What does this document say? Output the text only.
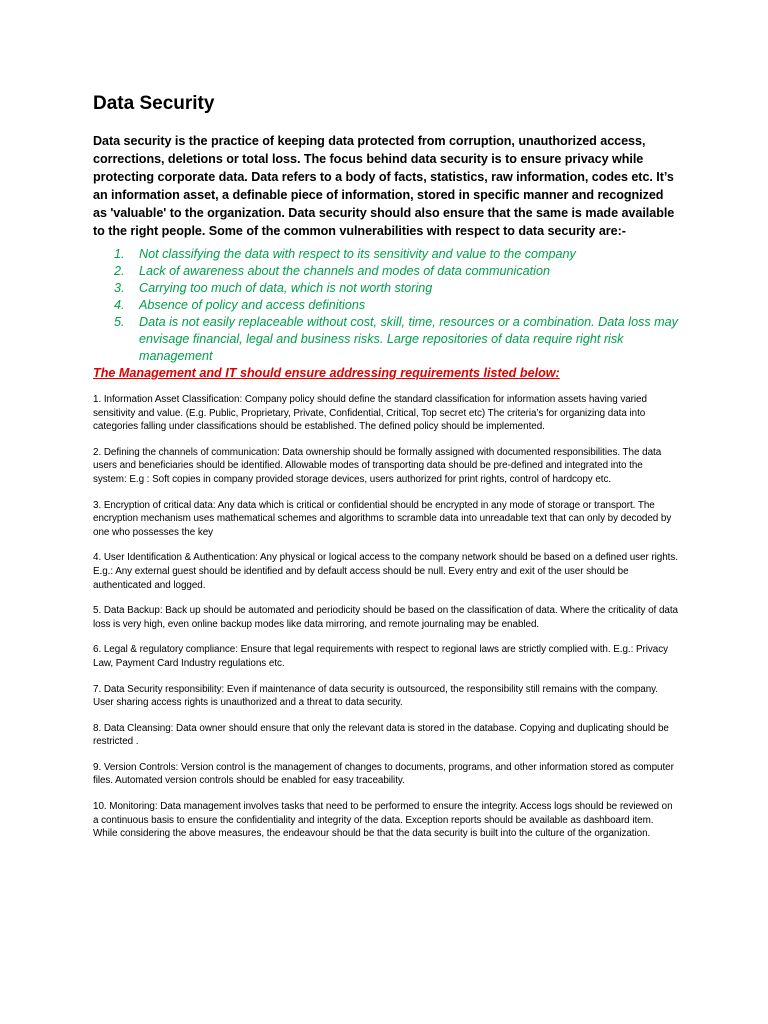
Data Security

Data security is the practice of keeping data protected from corruption, unauthorized access, corrections, deletions or total loss. The focus behind data security is to ensure privacy while protecting corporate data. Data refers to a body of facts, statistics, raw information, codes etc. It’s an information asset, a definable piece of information, stored in specific manner and recognized as 'valuable' to the organization. Data security should also ensure that the same is made available to the right people. Some of the common vulnerabilities with respect to data security are:-

1.	Not classifying the data with respect to its sensitivity and value to the company
2.	Lack of awareness about the channels and modes of data communication
3.	Carrying too much of data, which is not worth storing
4.	Absence of policy and access definitions
5.	Data is not easily replaceable without cost, skill, time, resources or a combination. Data loss may envisage financial, legal and business risks. Large repositories of data require right risk management

The Management and IT should ensure addressing requirements listed below:

1. Information Asset Classification: Company policy should define the standard classification for information assets having varied sensitivity and value. (E.g. Public, Proprietary, Private, Confidential, Critical, Top secret etc) The criteria’s for organizing data into categories falling under classifications should be established. The defined policy should be implemented.

2. Defining the channels of communication: Data ownership should be formally assigned with documented responsibilities. The data users and beneficiaries should be identified. Allowable modes of transporting data should be pre-defined and integrated into the system: E.g : Soft copies in company provided storage devices, users authorized for print rights, control of hardcopy etc.

3. Encryption of critical data: Any data which is critical or confidential should be encrypted in any mode of storage or transport. The encryption mechanism uses mathematical schemes and algorithms to scramble data into unreadable text that can only by decoded by one who possesses the key

4. User Identification & Authentication: Any physical or logical access to the company network should be based on a defined user rights. E.g.: Any external guest should be identified and by default access should be null. Every entry and exit of the user should be authenticated and logged.

5. Data Backup: Back up should be automated and periodicity should be based on the classification of data. Where the criticality of data loss is very high, even online backup modes like data mirroring, and remote journaling may be enabled.

6. Legal & regulatory compliance: Ensure that legal requirements with respect to regional laws are strictly complied with. E.g.: Privacy Law, Payment Card Industry regulations etc.

7. Data Security responsibility: Even if maintenance of data security is outsourced, the responsibility still remains with the company. User sharing access rights is unauthorized and a threat to data security.

8. Data Cleansing: Data owner should ensure that only the relevant data is stored in the database. Copying and duplicating should be restricted .

9. Version Controls: Version control is the management of changes to documents, programs, and other information stored as computer files. Automated version controls should be enabled for easy traceability.

10. Monitoring: Data management involves tasks that need to be performed to ensure the integrity. Access logs should be reviewed on a continuous basis to ensure the confidentiality and integrity of the data. Exception reports should be available as dashboard item. While considering the above measures, the endeavour should be that the data security is built into the culture of the organization.
